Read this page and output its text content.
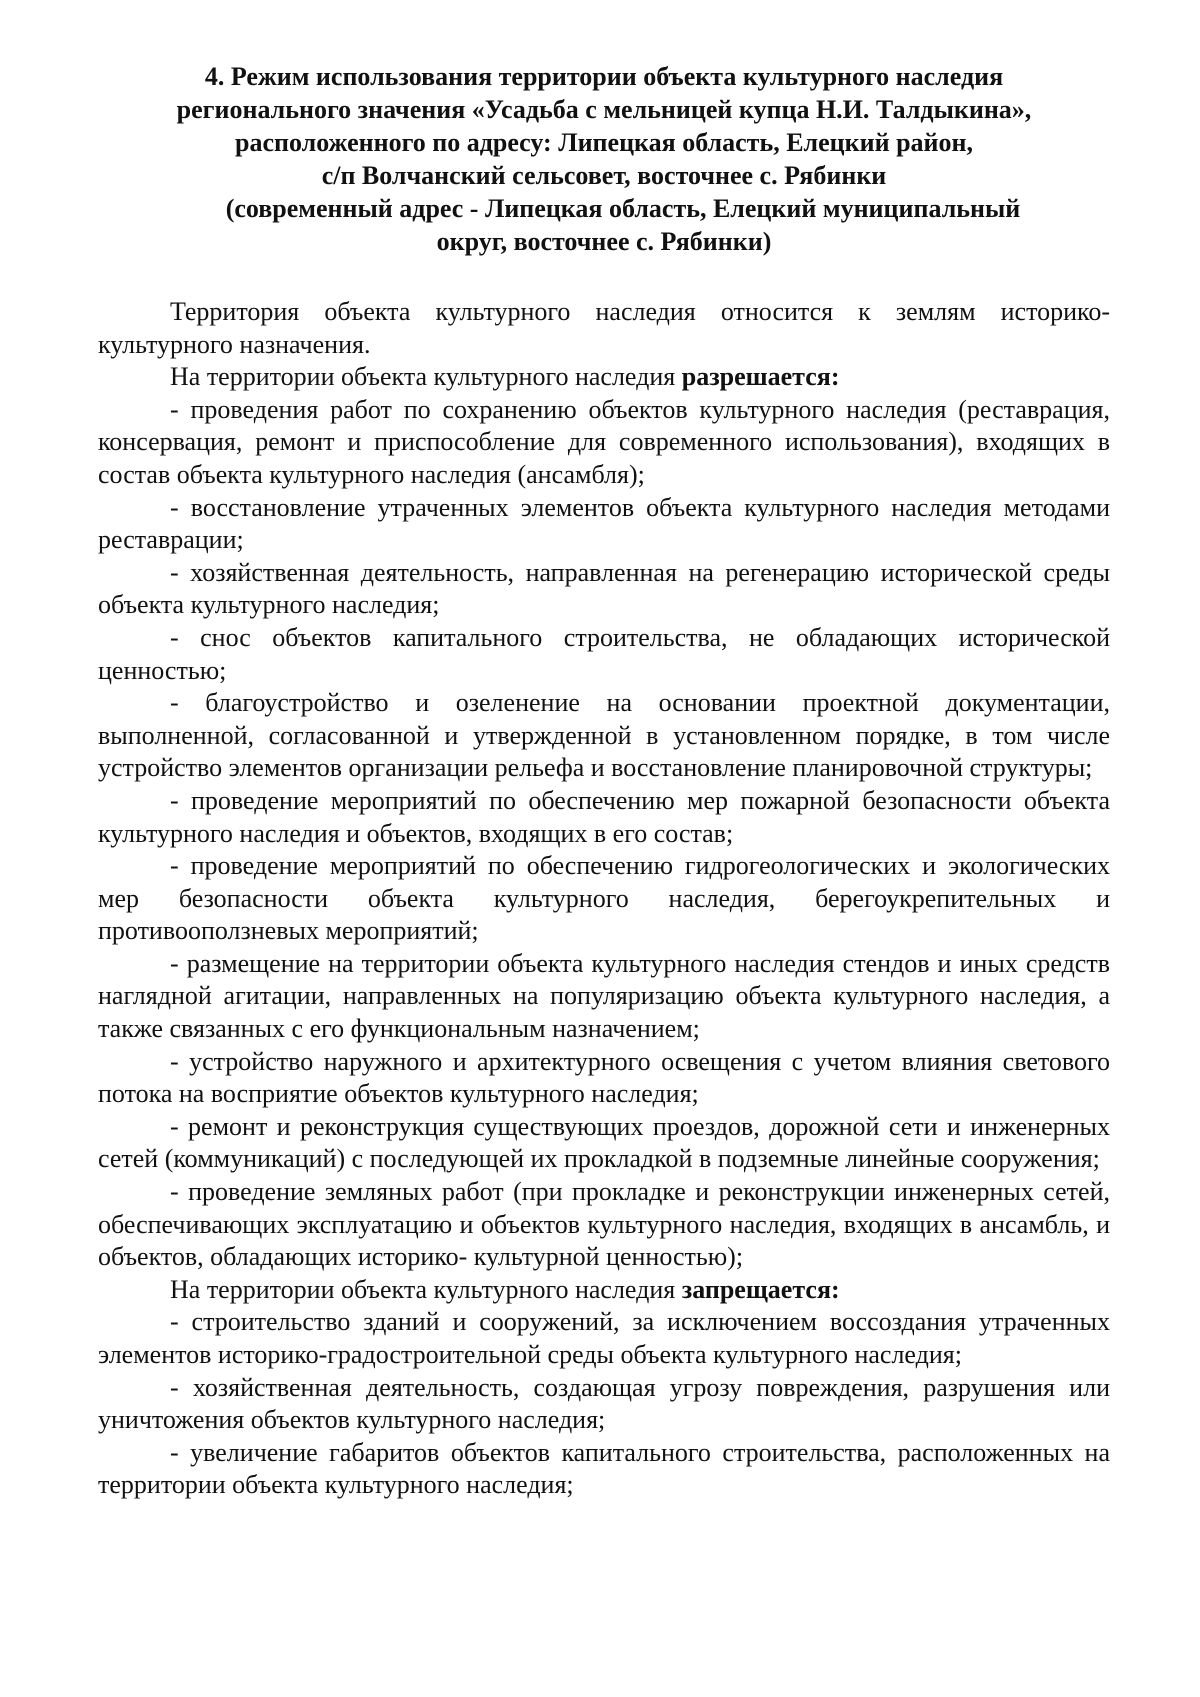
4. Режим использования территории объекта культурного наследия
регионального значения «Усадьба с мельницей купца Н.И. Талдыкина»,
расположенного по адресу: Липецкая область, Елецкий район,
с/п Волчанский сельсовет, восточнее с. Рябинки
(современный адрес - Липецкая область, Елецкий муниципальный
округ, восточнее с. Рябинки)

Территория объекта культурного наследия относится к землям историко-культурного назначения.

На территории объекта культурного наследия разрешается:

- проведения работ по сохранению объектов культурного наследия (реставрация, консервация, ремонт и приспособление для современного использования), входящих в состав объекта культурного наследия (ансамбля);

- восстановление утраченных элементов объекта культурного наследия методами реставрации;

- хозяйственная деятельность, направленная на регенерацию исторической среды объекта культурного наследия;

- снос объектов капитального строительства, не обладающих исторической ценностью;

- благоустройство и озеленение на основании проектной документации, выполненной, согласованной и утвержденной в установленном порядке, в том числе устройство элементов организации рельефа и восстановление планировочной структуры;

- проведение мероприятий по обеспечению мер пожарной безопасности объекта культурного наследия и объектов, входящих в его состав;

- проведение мероприятий по обеспечению гидрогеологических и экологических мер безопасности объекта культурного наследия, берегоукрепительных и противооползневых мероприятий;

- размещение на территории объекта культурного наследия стендов и иных средств наглядной агитации, направленных на популяризацию объекта культурного наследия, а также связанных с его функциональным назначением;

- устройство наружного и архитектурного освещения с учетом влияния светового потока на восприятие объектов культурного наследия;

- ремонт и реконструкция существующих проездов, дорожной сети и инженерных сетей (коммуникаций) с последующей их прокладкой в подземные линейные сооружения;

- проведение земляных работ (при прокладке и реконструкции инженерных сетей, обеспечивающих эксплуатацию и объектов культурного наследия, входящих в ансамбль, и объектов, обладающих историко- культурной ценностью);

На территории объекта культурного наследия запрещается:

- строительство зданий и сооружений, за исключением воссоздания утраченных элементов историко-градостроительной среды объекта культурного наследия;

- хозяйственная деятельность, создающая угрозу повреждения, разрушения или уничтожения объектов культурного наследия;

- увеличение габаритов объектов капитального строительства, расположенных на территории объекта культурного наследия;
